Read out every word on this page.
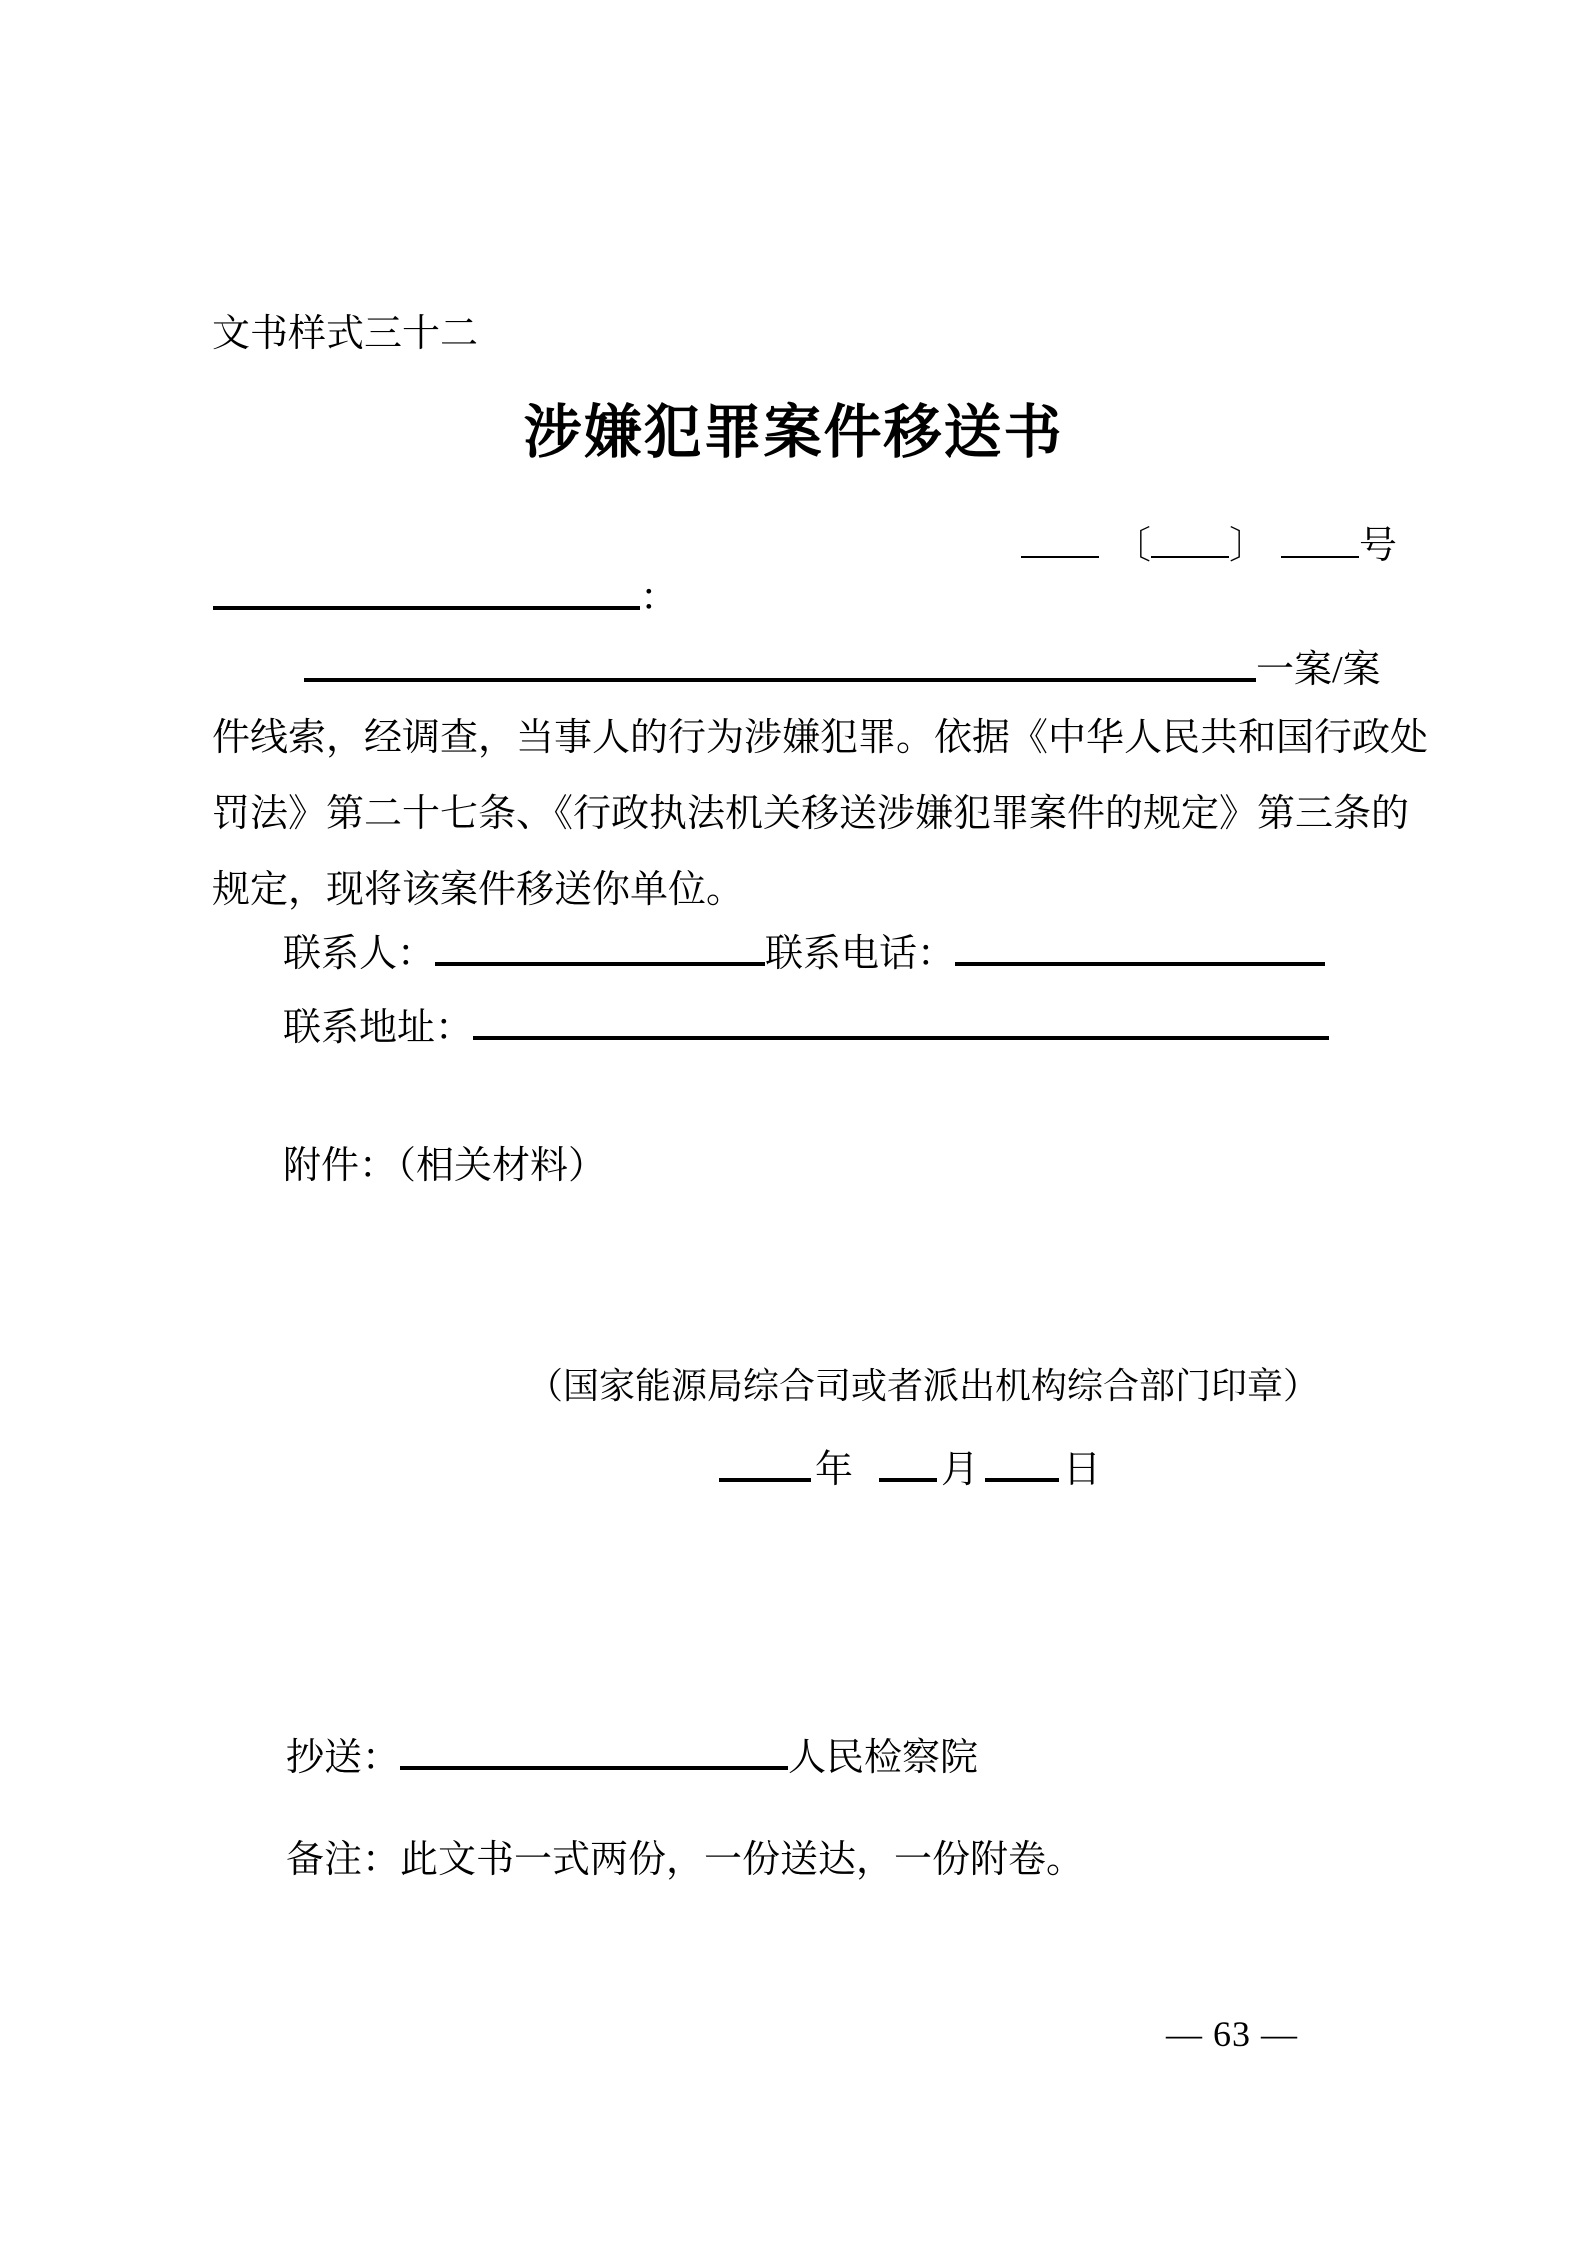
文书样式三十二
涉嫌犯罪案件移送书
〔 〕 号
：
一案/案
件线索，经调查，当事人的行为涉嫌犯罪。依据《中华人民共和国行政处
罚法》第二十七条、《行政执法机关移送涉嫌犯罪案件的规定》第三条的
规定，现将该案件移送你单位。
联系人：	联系电话：
联系地址：
附件：（相关材料）
（国家能源局综合司或者派出机构综合部门印章）
年 月 日
抄送：	人民检察院
备注：此文书一式两份，一份送达，一份附卷。
— 63 —
